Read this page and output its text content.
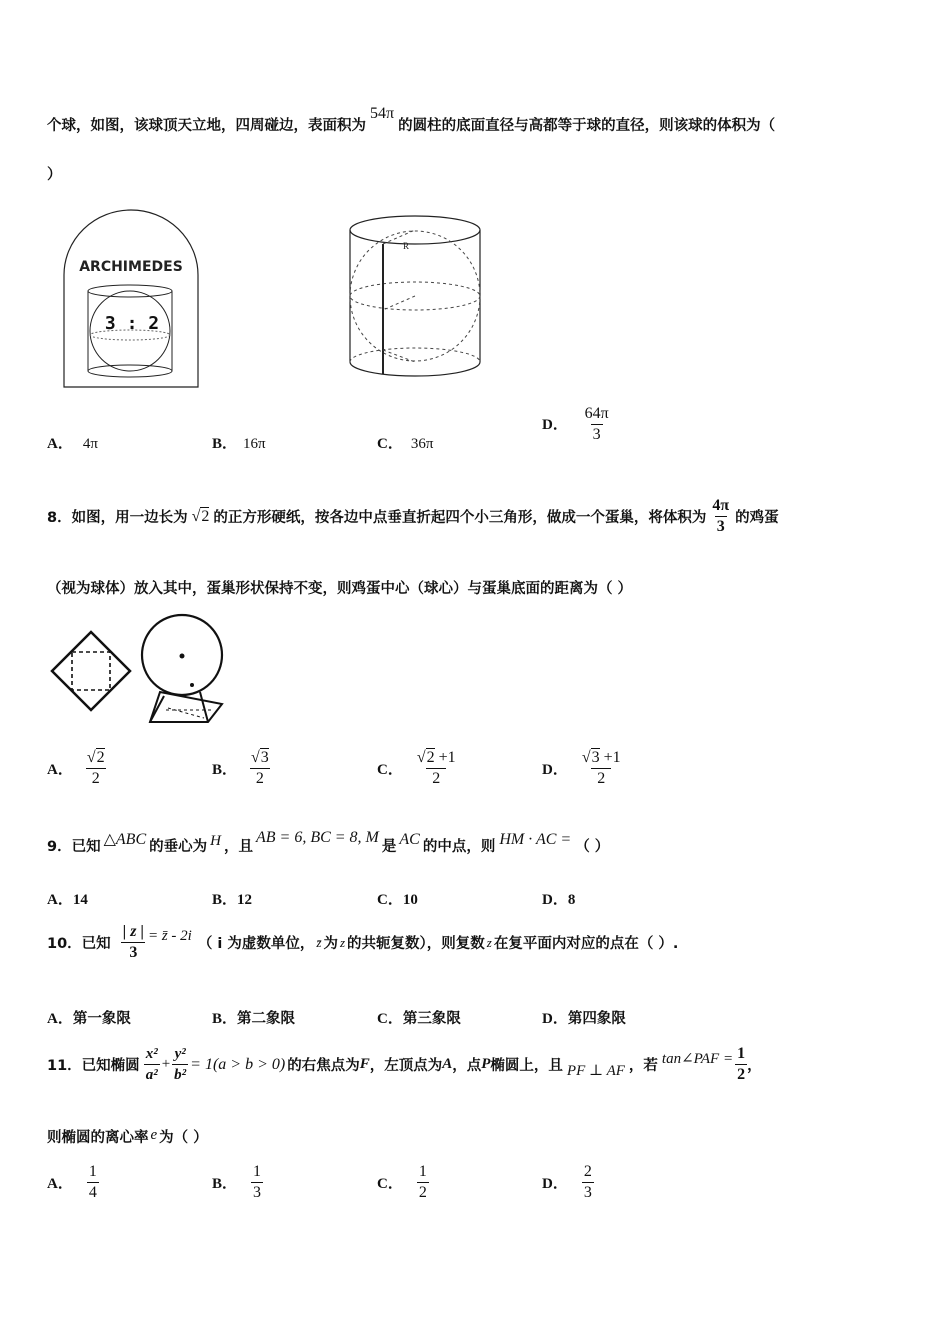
个球，如图，该球顶天立地，四周碰边，表面积为54π的圆柱的底面直径与高都等于球的直径，则该球的体积为（
）
ARCHIMEDES
3 : 2
R
A． 4π	B． 16π	C． 36π
D． $\frac{64\pi}{3}$
8．如图，用一边长为 √2 的正方形硬纸，按各边中点垂直折起四个小三角形，做成一个蛋巢，将体积为 $\frac{4\pi}{3}$ 的鸡蛋
（视为球体）放入其中，蛋巢形状保持不变，则鸡蛋中心（球心）与蛋巢底面的距离为（ ）
A． $\frac{√2}{2}$	B． $\frac{√3}{2}$	C． $\frac{√2 +1}{2}$	D． $\frac{√3 +1}{2}$
9．已知 △ABC 的垂心为 H ，且
AB = 6, BC = 8, M
是 AC 的中点，则 HM · AC = （ ）
A．14	B．12	C．10	D．8
10．已知 $\frac{| z |}{3}$ = z̄ - 2i （ i 为虚数单位， z̄ 为 z 的共轭复数），则复数 z 在复平面内对应的点在（ ）.
A．第一象限	B．第二象限	C．第三象限	D．第四象限
11．已知椭圆 $\frac{\text{x²}}{\text{a²}} + \frac{\text{y²}}{\text{b²}} = 1(a > b > 0)$ 的右焦点为 F ，左顶点为 A ，点 P 椭圆上，且 PF ⊥ AF ，若 tan∠PAF = $\frac{1}{2}$ ，
则椭圆的离心率 e 为（ ）
A． $\frac{1}{4}$	B． $\frac{1}{3}$	C． $\frac{1}{2}$	D． $\frac{2}{3}$
